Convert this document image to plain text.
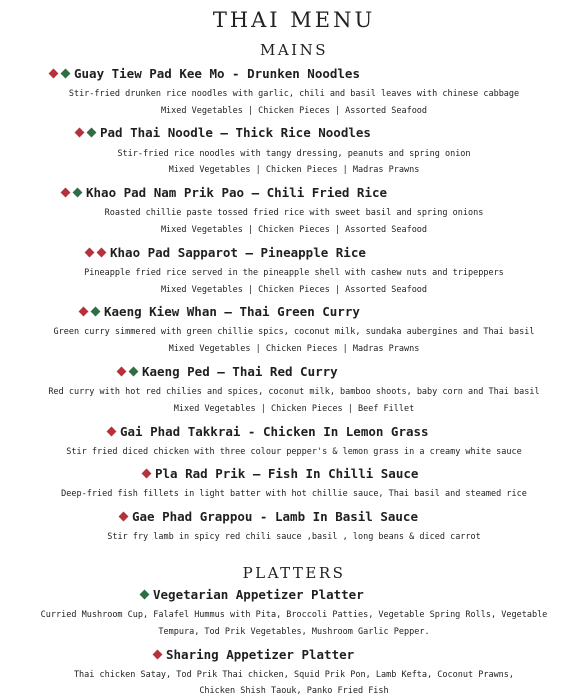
THAI MENU
MAINS
Guay Tiew Pad Kee Mo - Drunken Noodles
Stir-fried drunken rice noodles with garlic, chili and basil leaves with chinese cabbage
Mixed Vegetables | Chicken Pieces | Assorted Seafood
Pad Thai Noodle – Thick Rice Noodles
Stir-fried rice noodles with tangy dressing, peanuts and spring onion
Mixed Vegetables | Chicken Pieces | Madras Prawns
Khao Pad Nam Prik Pao – Chili Fried Rice
Roasted chillie paste tossed fried rice with sweet basil and spring onions
Mixed Vegetables | Chicken Pieces | Assorted Seafood
Khao Pad Sapparot – Pineapple Rice
Pineapple fried rice served in the pineapple shell with cashew nuts and tripeppers
Mixed Vegetables | Chicken Pieces | Assorted Seafood
Kaeng Kiew Whan – Thai Green Curry
Green curry simmered with green chillie spics, coconut milk, sundaka aubergines and Thai basil
Mixed Vegetables | Chicken Pieces | Madras Prawns
Kaeng Ped – Thai Red Curry
Red curry with hot red chilies and spices, coconut milk, bamboo shoots, baby corn and Thai basil
Mixed Vegetables | Chicken Pieces | Beef Fillet
Gai Phad Takkrai - Chicken In Lemon Grass
Stir fried diced chicken with three colour pepper's & lemon grass in a creamy white sauce
Pla Rad Prik – Fish In Chilli Sauce
Deep-fried fish fillets in light batter with hot chillie sauce, Thai basil and steamed rice
Gae Phad Grappou - Lamb In Basil Sauce
Stir fry lamb in spicy red chili sauce ,basil , long beans & diced carrot
PLATTERS
Vegetarian Appetizer Platter
Curried Mushroom Cup, Falafel Hummus with Pita, Broccoli Patties, Vegetable Spring Rolls, Vegetable
Tempura, Tod Prik Vegetables, Mushroom Garlic Pepper.
Sharing Appetizer Platter
Thai chicken Satay, Tod Prik Thai chicken, Squid Prik Pon, Lamb Kefta, Coconut Prawns,
Chicken Shish Taouk, Panko Fried Fish
